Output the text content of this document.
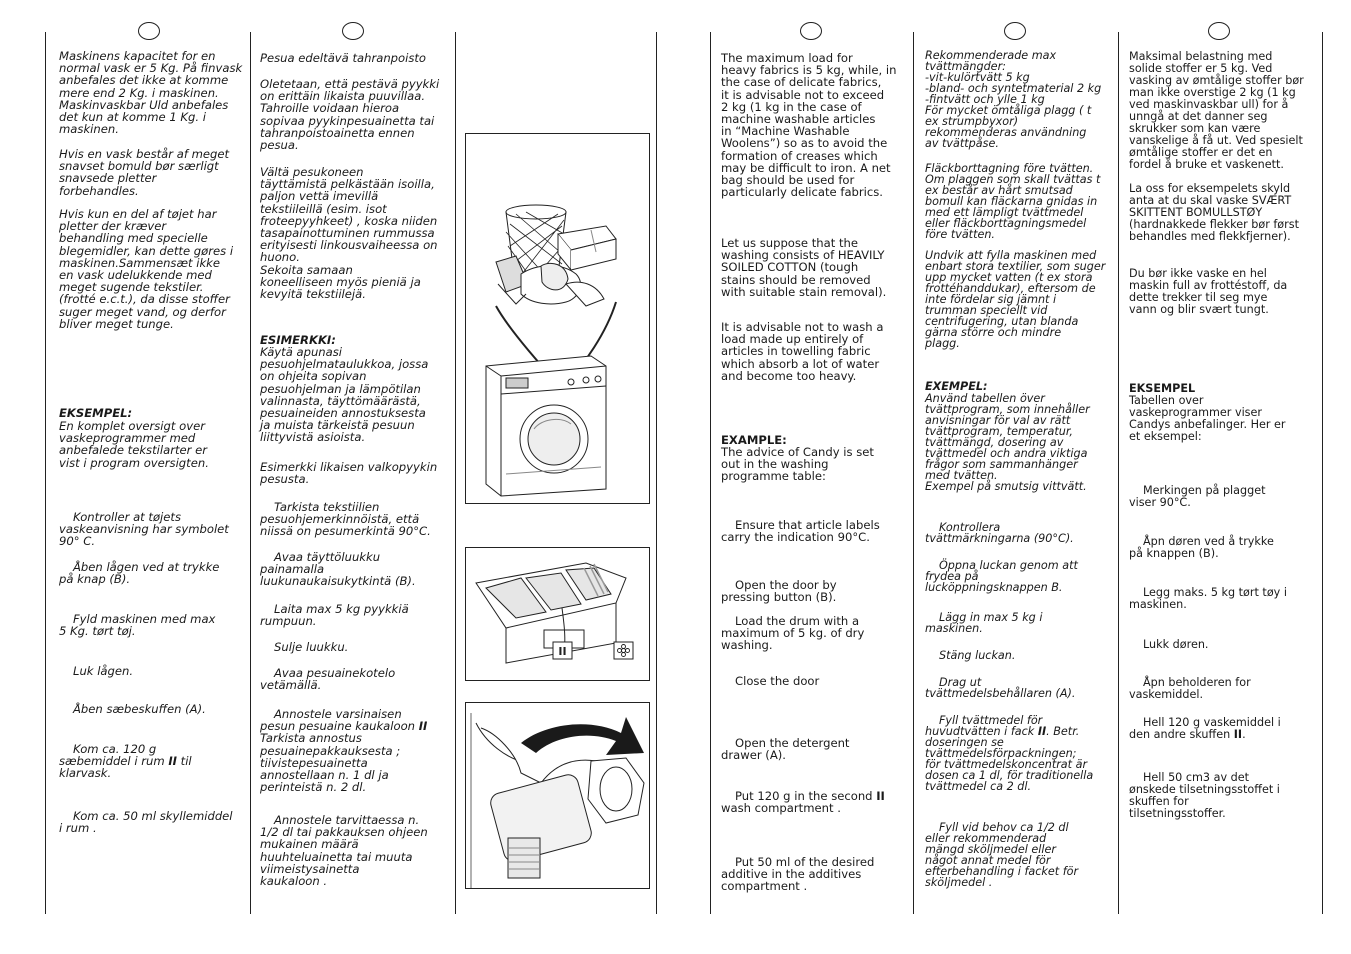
Maskinens kapacitet for en
normal vask er 5 Kg. På finvask
anbefales det ikke at komme
mere end 2 Kg. i maskinen.
Maskinvaskbar Uld anbefales
det kun at komme 1 Kg. i
maskinen.

Hvis en vask består af meget
snavset bomuld bør særligt
snavsede pletter
forbehandles.

Hvis kun en del af tøjet har
pletter der kræver
behandling med specielle
blegemidler, kan dette gøres i
maskinen.Sammensæt ikke
en vask udelukkende med
meget sugende tekstiler.
(frotté e.c.t.), da disse stoffer
suger meget vand, og derfor
bliver meget tunge.

EKSEMPEL:

En komplet oversigt over
vaskeprogrammer med
anbefalede tekstilarter er
vist i program oversigten.

Kontroller at tøjets
vaskeanvisning har symbolet
90° C.

Åben lågen ved at trykke
på knap (B).

Fyld maskinen med max
5 Kg. tørt tøj.

Luk lågen.

Åben sæbeskuffen (A).

Kom ca. 120 g
sæbemiddel i rum II til
klarvask.

Kom ca. 50 ml skyllemiddel
i rum .

Pesua edeltävä tahranpoisto

Oletetaan, että pestävä pyykki
on erittäin likaista puuvillaa.
Tahroille voidaan hieroa
sopivaa pyykinpesuainetta tai
tahranpoistoainetta ennen
pesua.

Vältä pesukoneen
täyttämistä pelkästään isoilla,
paljon vettä imevillä
tekstiileillä (esim. isot
froteepyyhkeet) , koska niiden
tasapainottuminen rummussa
erityisesti linkousvaiheessa on
huono.
Sekoita samaan
koneelliseen myös pieniä ja
kevyitä tekstiilejä.

ESIMERKKI:

Käytä apunasi
pesuohjelmataulukkoa, jossa
on ohjeita sopivan
pesuohjelman ja lämpötilan
valinnasta, täyttömäärästä,
pesuaineiden annostuksesta
ja muista tärkeistä pesuun
liittyvistä asioista.

Esimerkki likaisen valkopyykin
pesusta.

Tarkista tekstiilien
pesuohjemerkinnöistä, että
niissä on pesumerkintä 90°C.

Avaa täyttöluukku
painamalla
luukunaukaisukytkintä (B).

Laita max 5 kg pyykkiä
rumpuun.

Sulje luukku.

Avaa pesuainekotelo
vetämällä.

Annostele varsinaisen
pesun pesuaine kaukaloon II
Tarkista annostus
pesuainepakkauksesta ;
tiivistepesuainetta
annostellaan n. 1 dl ja
perinteistä n. 2 dl.

Annostele tarvittaessa n.
1/2 dl tai pakkauksen ohjeen
mukainen määrä
huuhteluainetta tai muuta
viimeistysainetta
kaukaloon .

II

The maximum load for
heavy fabrics is 5 kg, while, in
the case of delicate fabrics,
it is advisable not to exceed
2 kg (1 kg in the case of
machine washable articles
in “Machine Washable
Woolens”) so as to avoid the
formation of creases which
may be difficult to iron. A net
bag should be used for
particularly delicate fabrics.

Let us suppose that the
washing consists of HEAVILY
SOILED COTTON (tough
stains should be removed
with suitable stain removal).

It is advisable not to wash a
load made up entirely of
articles in towelling fabric
which absorb a lot of water
and become too heavy.

EXAMPLE:

The advice of Candy is set
out in the washing
programme table:

Ensure that article labels
carry the indication 90°C.

Open the door by
pressing button (B).

Load the drum with a
maximum of 5 kg. of dry
washing.

Close the door

Open the detergent
drawer (A).

Put 120 g in the second II
wash compartment .

Put 50 ml of the desired
additive in the additives
compartment .

Rekommenderade max
tvättmängder:
-vit-kulörtvätt 5 kg
-bland- och syntetmaterial 2 kg
-fintvätt och ylle 1 kg
För mycket ömtåliga plagg ( t
ex strumpbyxor)
rekommenderas användning
av tvättpåse.

Fläckborttagning före tvätten.
Om plaggen som skall tvättas t
ex består av hårt smutsad
bomull kan fläckarna gnidas in
med ett lämpligt tvättmedel
eller fläckborttagningsmedel
före tvätten.

Undvik att fylla maskinen med
enbart stora textilier, som suger
upp mycket vatten (t ex stora
frottéhanddukar), eftersom de
inte fördelar sig jämnt i
trumman speciellt vid
centrifugering, utan blanda
gärna större och mindre
plagg.

EXEMPEL:

Använd tabellen över
tvättprogram, som innehåller
anvisningar för val av rätt
tvättprogram, temperatur,
tvättmängd, dosering av
tvättmedel och andra viktiga
frågor som sammanhänger
med tvätten.
Exempel på smutsig vittvätt.

Kontrollera
tvättmärkningarna (90°C).

Öppna luckan genom att
frydea på
lucköppningsknappen B.

Lägg in max 5 kg i
maskinen.

Stäng luckan.

Drag ut
tvättmedelsbehållaren (A).

Fyll tvättmedel för
huvudtvätten i fack II. Betr.
doseringen se
tvättmedelsförpackningen;
för tvättmedelskoncentrat är
dosen ca 1 dl, för traditionella
tvättmedel ca 2 dl.

Fyll vid behov ca 1/2 dl
eller rekommenderad
mängd sköljmedel eller
något annat medel för
efterbehandling i facket för
sköljmedel .

Maksimal belastning med
solide stoffer er 5 kg. Ved
vasking av ømtålige stoffer bør
man ikke overstige 2 kg (1 kg
ved maskinvaskbar ull) for å
unngå at det danner seg
skrukker som kan være
vanskelige å få ut. Ved spesielt
ømtålige stoffer er det en
fordel å bruke et vaskenett.

La oss for eksempelets skyld
anta at du skal vaske SVÆRT
SKITTENT BOMULLSTØY
(hardnakkede flekker bør først
behandles med flekkfjerner).

Du bør ikke vaske en hel
maskin full av frottéstoff, da
dette trekker til seg mye
vann og blir svært tungt.

EKSEMPEL

Tabellen over
vaskeprogrammer viser
Candys anbefalinger. Her er
et eksempel:

Merkingen på plagget
viser 90°C.

Åpn døren ved å trykke
på knappen (B).

Legg maks. 5 kg tørt tøy i
maskinen.

Lukk døren.

Åpn beholderen for
vaskemiddel.

Hell 120 g vaskemiddel i
den andre skuffen II.

Hell 50 cm3 av det
ønskede tilsetningsstoffet i
skuffen for
tilsetningsstoffer.
